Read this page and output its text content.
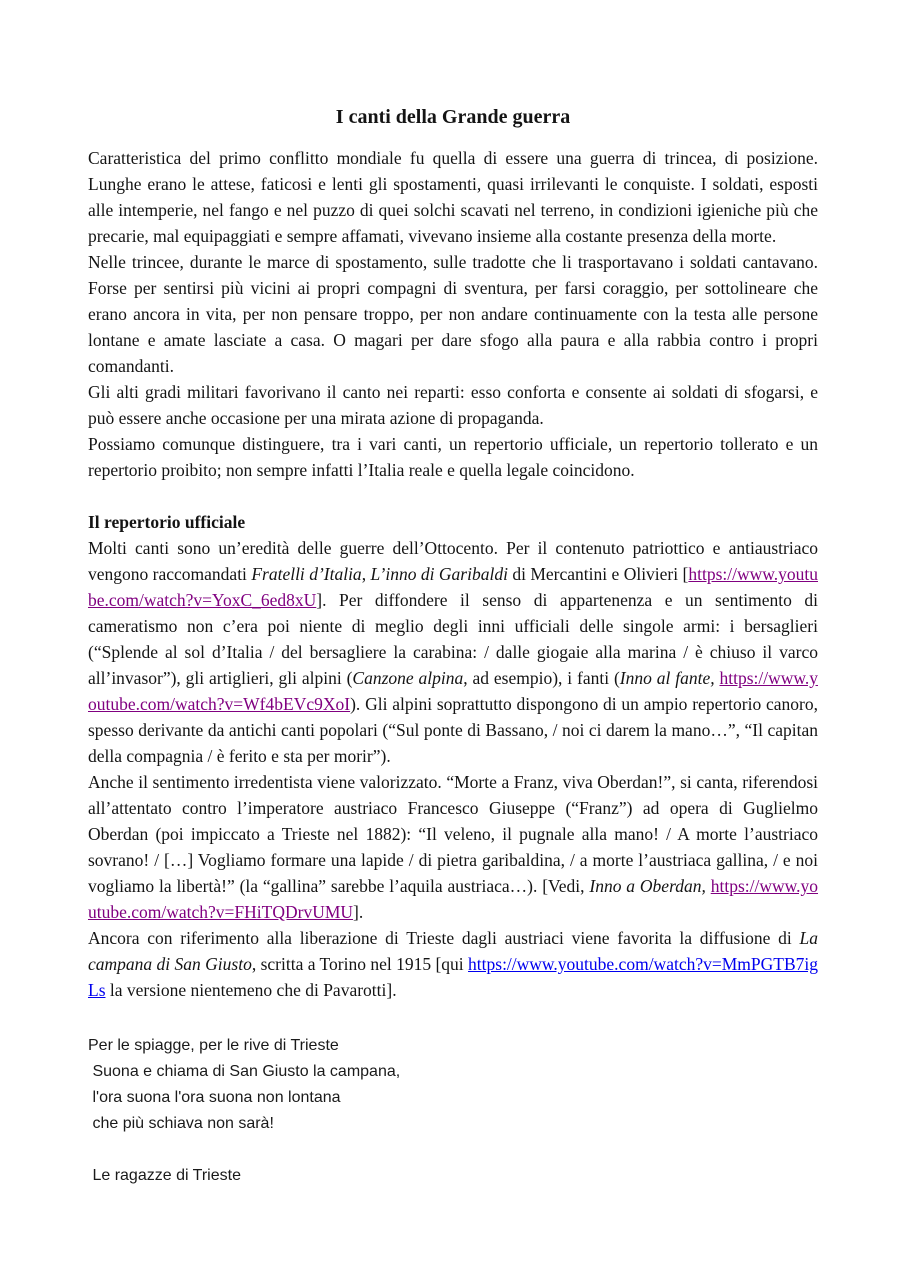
I canti della Grande guerra
Caratteristica del primo conflitto mondiale fu quella di essere una guerra di trincea, di posizione. Lunghe erano le attese, faticosi e lenti gli spostamenti, quasi irrilevanti le conquiste. I soldati, esposti alle intemperie, nel fango e nel puzzo di quei solchi scavati nel terreno, in condizioni igieniche più che precarie, mal equipaggiati e sempre affamati, vivevano insieme alla costante presenza della morte.
Nelle trincee, durante le marce di spostamento, sulle tradotte che li trasportavano i soldati cantavano. Forse per sentirsi più vicini ai propri compagni di sventura, per farsi coraggio, per sottolineare che erano ancora in vita, per non pensare troppo, per non andare continuamente con la testa alle persone lontane e amate lasciate a casa. O magari per dare sfogo alla paura e alla rabbia contro i propri comandanti.
Gli alti gradi militari favorivano il canto nei reparti: esso conforta e consente ai soldati di sfogarsi, e può essere anche occasione per una mirata azione di propaganda.
Possiamo comunque distinguere, tra i vari canti, un repertorio ufficiale, un repertorio tollerato e un repertorio proibito; non sempre infatti l’Italia reale e quella legale coincidono.
Il repertorio ufficiale
Molti canti sono un’eredità delle guerre dell’Ottocento. Per il contenuto patriottico e antiaustriaco vengono raccomandati Fratelli d’Italia, L’inno di Garibaldi di Mercantini e Olivieri [https://www.youtube.com/watch?v=YoxC_6ed8xU]. Per diffondere il senso di appartenenza e un sentimento di cameratismo non c’era poi niente di meglio degli inni ufficiali delle singole armi: i bersaglieri (“Splende al sol d’Italia / del bersagliere la carabina: / dalle giogaie alla marina / è chiuso il varco all’invasor”), gli artiglieri, gli alpini (Canzone alpina, ad esempio), i fanti (Inno al fante, https://www.youtube.com/watch?v=Wf4bEVc9XoI). Gli alpini soprattutto dispongono di un ampio repertorio canoro, spesso derivante da antichi canti popolari (“Sul ponte di Bassano, / noi ci darem la mano…”, “Il capitan della compagnia / è ferito e sta per morir”).
Anche il sentimento irredentista viene valorizzato. “Morte a Franz, viva Oberdan!”, si canta, riferendosi all’attentato contro l’imperatore austriaco Francesco Giuseppe (“Franz”) ad opera di Guglielmo Oberdan (poi impiccato a Trieste nel 1882): “Il veleno, il pugnale alla mano! / A morte l’austriaco sovrano! / […] Vogliamo formare una lapide / di pietra garibaldina, / a morte l’austriaca gallina, / e noi vogliamo la libertà!” (la “gallina” sarebbe l’aquila austriaca…). [Vedi, Inno a Oberdan, https://www.youtube.com/watch?v=FHiTQDrvUMU].
Ancora con riferimento alla liberazione di Trieste dagli austriaci viene favorita la diffusione di La campana di San Giusto, scritta a Torino nel 1915 [qui https://www.youtube.com/watch?v=MmPGTB7igLs la versione nientemeno che di Pavarotti].
Per le spiagge, per le rive di Trieste
Suona e chiama di San Giusto la campana,
l'ora suona l'ora suona non lontana
che più schiava non sarà!
Le ragazze di Trieste
